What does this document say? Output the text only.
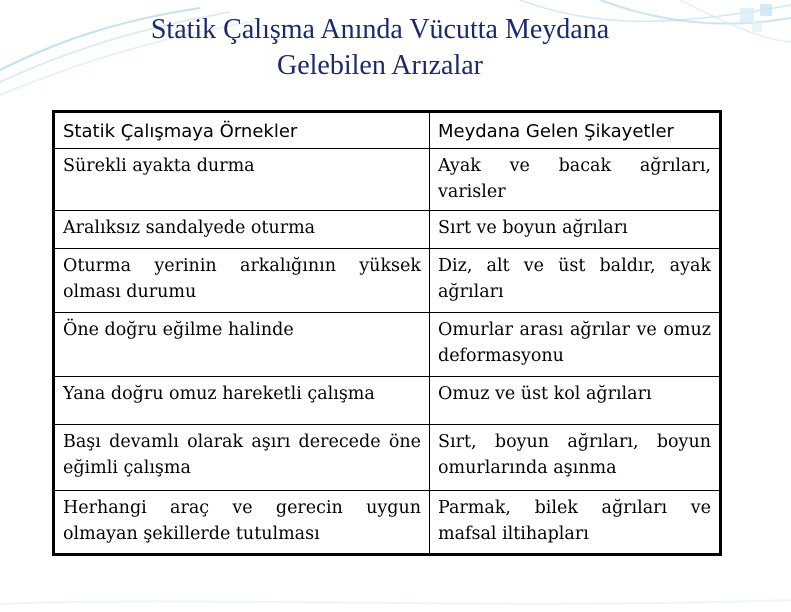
Statik Çalışma Anında Vücutta Meydana
Gelebilen Arızalar
Statik Çalışmaya Örnekler	Meydana Gelen Şikayetler
Sürekli ayakta durma	Ayak ve bacak ağrıları, varisler
Aralıksız sandalyede oturma	Sırt ve boyun ağrıları
Oturma yerinin arkalığının yüksek olması durumu	Diz, alt ve üst baldır, ayak ağrıları
Öne doğru eğilme halinde	Omurlar arası ağrılar ve omuz deformasyonu
Yana doğru omuz hareketli çalışma	Omuz ve üst kol ağrıları
Başı devamlı olarak aşırı derecede öne eğimli çalışma	Sırt, boyun ağrıları, boyun omurlarında aşınma
Herhangi araç ve gerecin uygun olmayan şekillerde tutulması	Parmak, bilek ağrıları ve mafsal iltihapları
